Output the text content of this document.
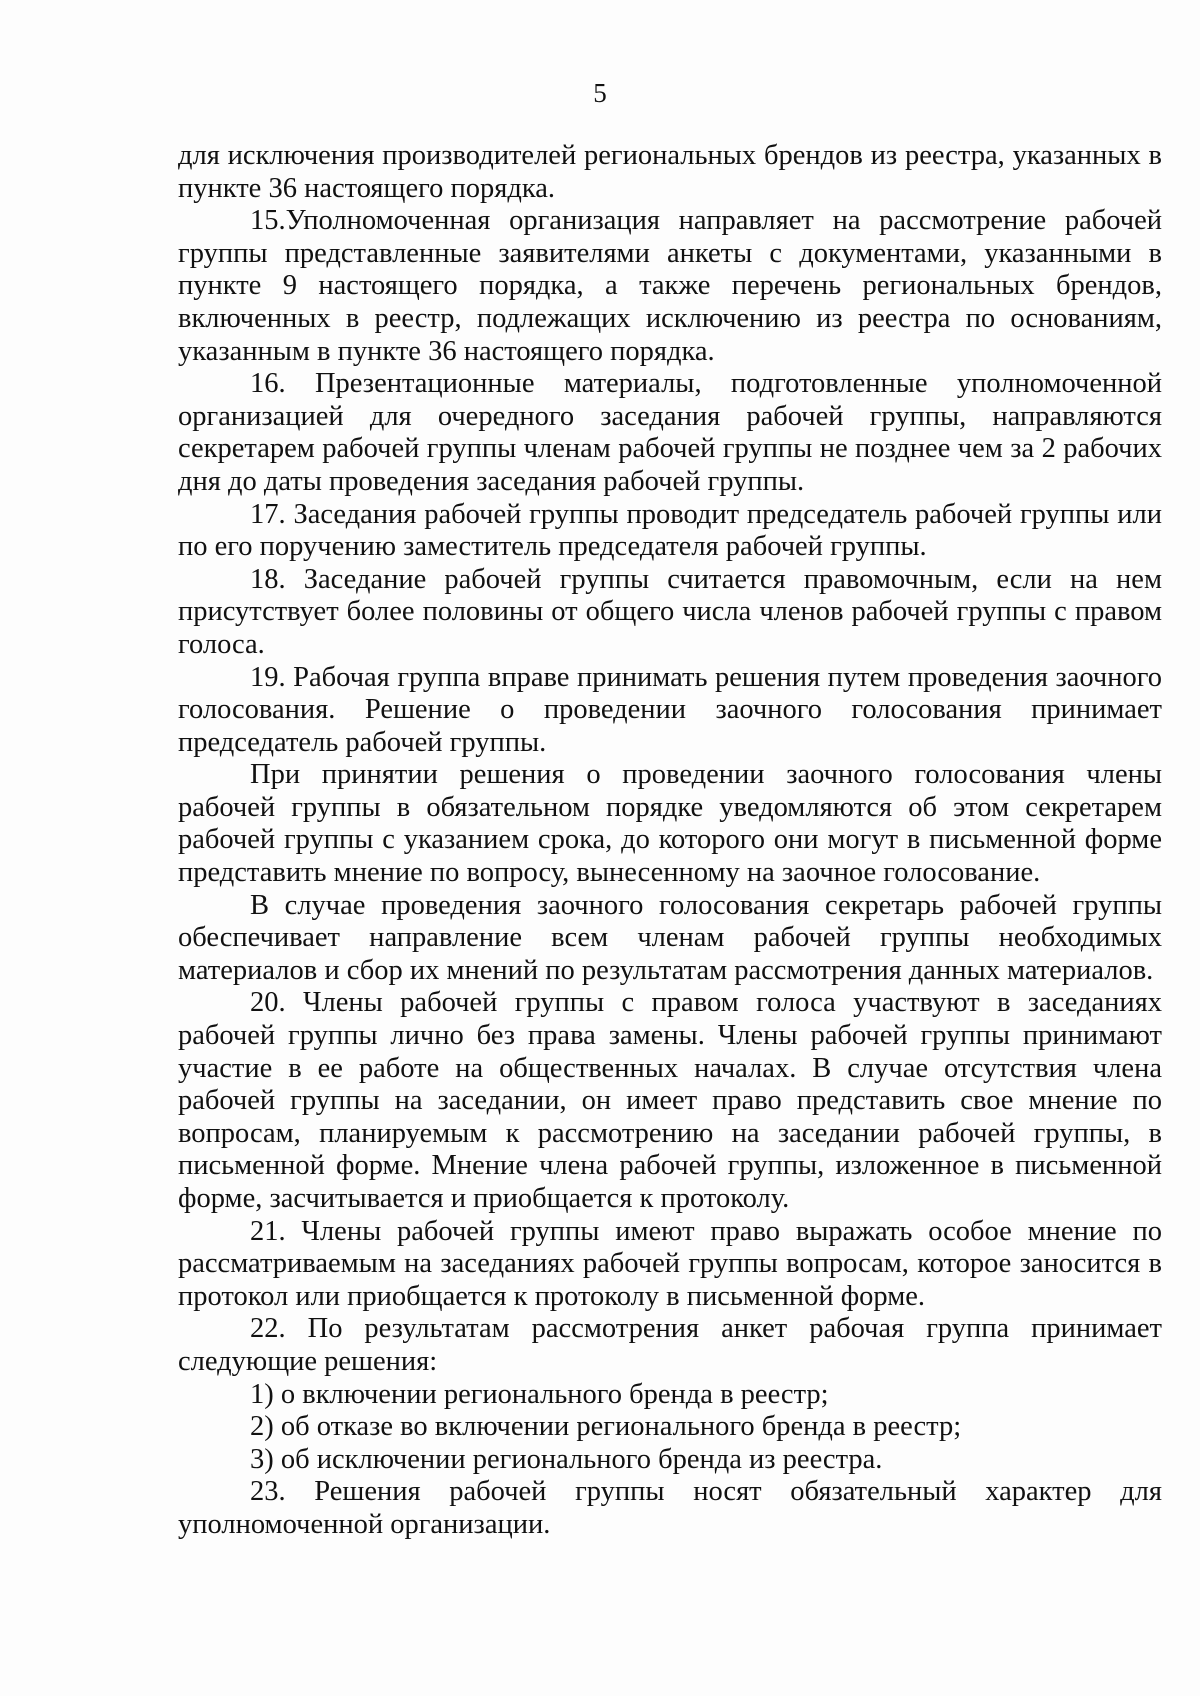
5

для исключения производителей региональных брендов из реестра, указанных в пункте 36 настоящего порядка.

15.Уполномоченная организация направляет на рассмотрение рабочей группы представленные заявителями анкеты с документами, указанными в пункте 9 настоящего порядка, а также перечень региональных брендов, включенных в реестр, подлежащих исключению из реестра по основаниям, указанным в пункте 36 настоящего порядка.

16. Презентационные материалы, подготовленные уполномоченной организацией для очередного заседания рабочей группы, направляются секретарем рабочей группы членам рабочей группы не позднее чем за 2 рабочих дня до даты проведения заседания рабочей группы.

17. Заседания рабочей группы проводит председатель рабочей группы или по его поручению заместитель председателя рабочей группы.

18. Заседание рабочей группы считается правомочным, если на нем присутствует более половины от общего числа членов рабочей группы с правом голоса.

19. Рабочая группа вправе принимать решения путем проведения заочного голосования. Решение о проведении заочного голосования принимает председатель рабочей группы.

При принятии решения о проведении заочного голосования члены рабочей группы в обязательном порядке уведомляются об этом секретарем рабочей группы с указанием срока, до которого они могут в письменной форме представить мнение по вопросу, вынесенному на заочное голосование.

В случае проведения заочного голосования секретарь рабочей группы обеспечивает направление всем членам рабочей группы необходимых материалов и сбор их мнений по результатам рассмотрения данных материалов.

20. Члены рабочей группы с правом голоса участвуют в заседаниях рабочей группы лично без права замены. Члены рабочей группы принимают участие в ее работе на общественных началах. В случае отсутствия члена рабочей группы на заседании, он имеет право представить свое мнение по вопросам, планируемым к рассмотрению на заседании рабочей группы, в письменной форме. Мнение члена рабочей группы, изложенное в письменной форме, засчитывается и приобщается к протоколу.

21. Члены рабочей группы имеют право выражать особое мнение по рассматриваемым на заседаниях рабочей группы вопросам, которое заносится в протокол или приобщается к протоколу в письменной форме.

22. По результатам рассмотрения анкет рабочая группа принимает следующие решения:

1) о включении регионального бренда в реестр;

2) об отказе во включении регионального бренда в реестр;

3) об исключении регионального бренда из реестра.

23. Решения рабочей группы носят обязательный характер для уполномоченной организации.
